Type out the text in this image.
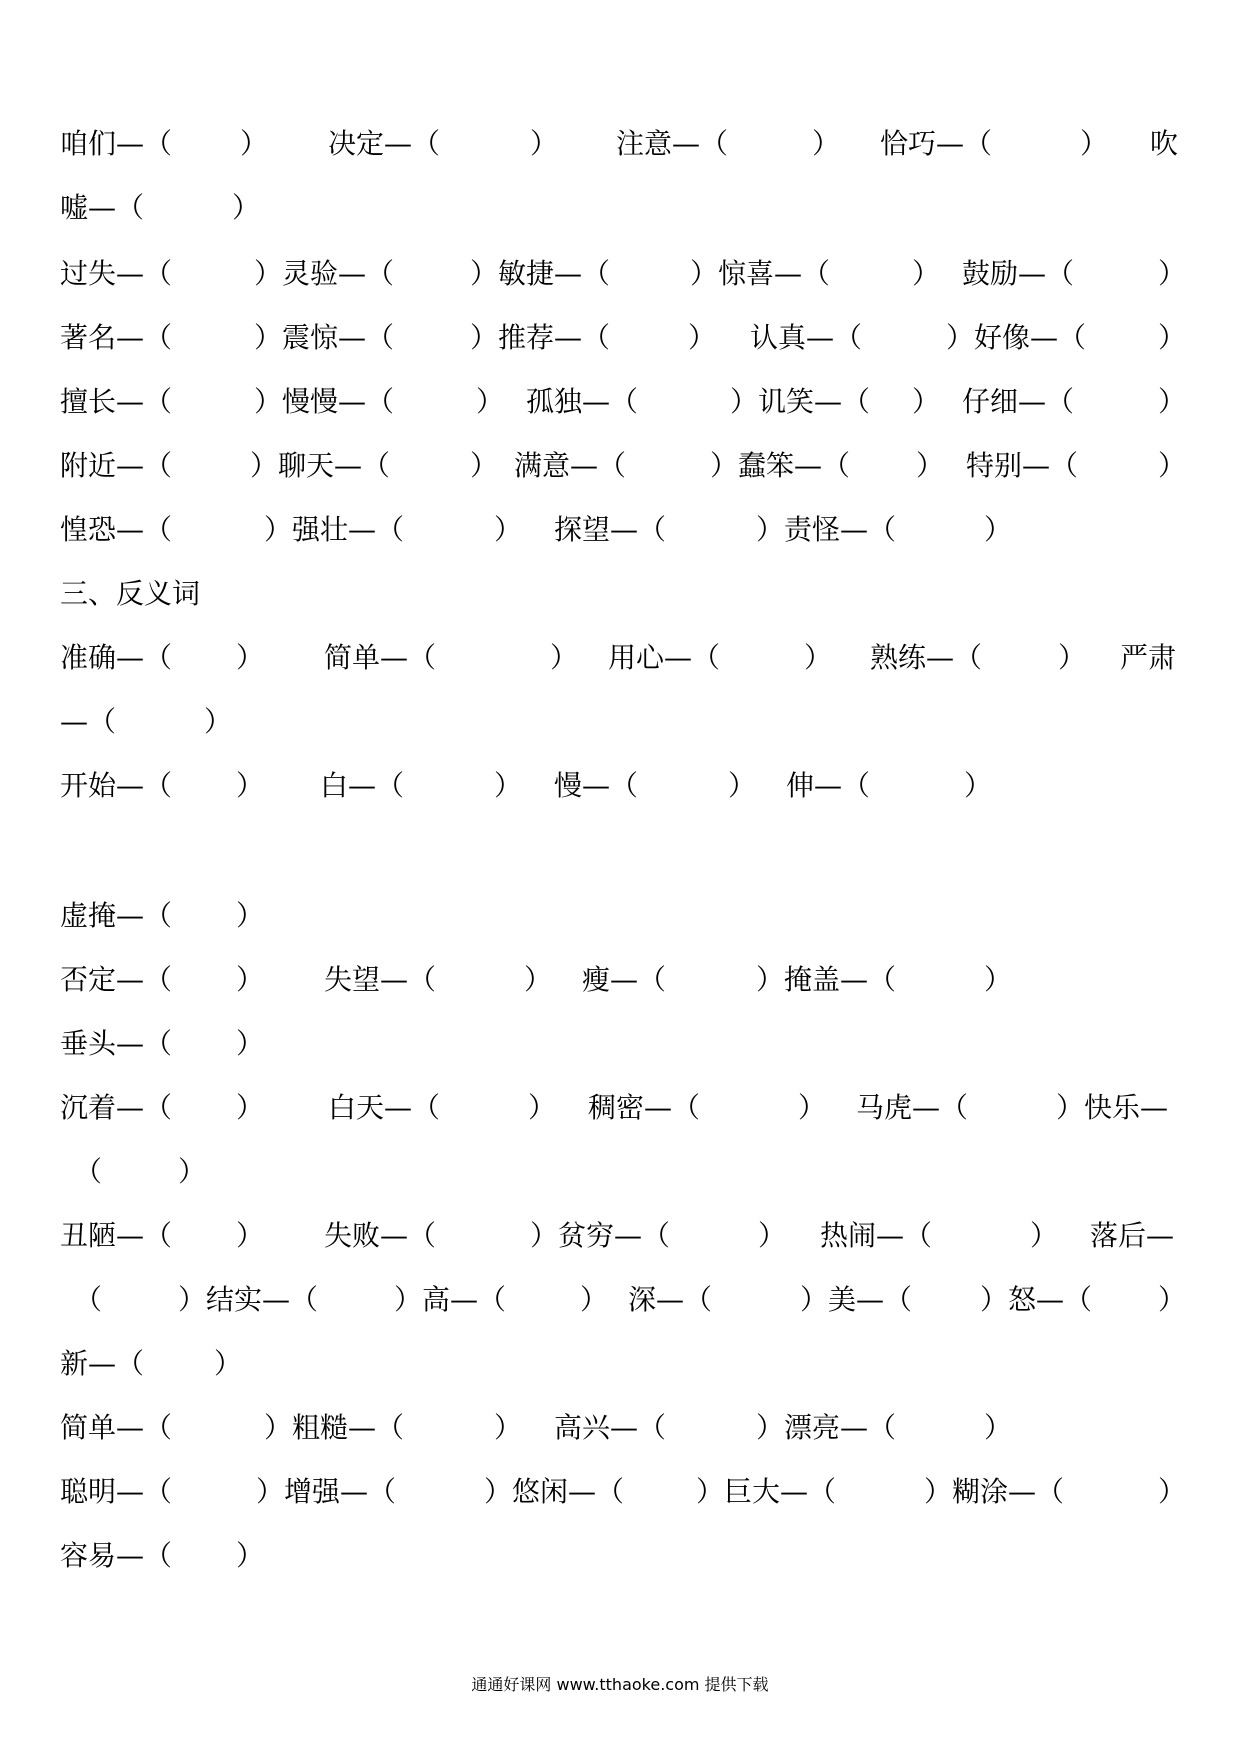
咱们—（ ） 决定—（	） 注意—（	） 恰巧—（	） 吹
嘘—（	）
过失—（	）灵验—（	）敏捷—（	）惊喜—（	） 鼓励—（	）
著名—（	）震惊—（	）推荐—（	） 认真—（	）好像—（	）
擅长—（	）慢慢—（	） 孤独—（	）讥笑—（ ） 仔细—（	）
附近—（	）聊天—（	） 满意—（	）蠢笨—（ ） 特别—（	）
惶恐—（	）强壮—（	） 探望—（	）责怪—（	）
三、反义词
准确—（ ） 简单—（	） 用心—（	） 熟练—（	） 严肃
—（	）
开始—（ ） 白—（	） 慢—（	） 伸—（	）
虚掩—（ ）
否定—（ ） 失望—（	） 瘦—（	）掩盖—（	）
垂头—（ ）
沉着—（ ） 白天—（	） 稠密—（	） 马虎—（	）快乐—
（	）
丑陋—（ ） 失败—（	）贫穷—（	） 热闹—（	） 落后—
（	）结实—（	）高—（	） 深—（	）美—（ ）怒—（ ）
新—（ ）
简单—（	）粗糙—（	） 高兴—（	）漂亮—（	）
聪明—（	）增强—（	）悠闲—（	）巨大—（	）糊涂—（	）
容易—（ ）
通通好课网 www.tthaoke.com 提供下载
